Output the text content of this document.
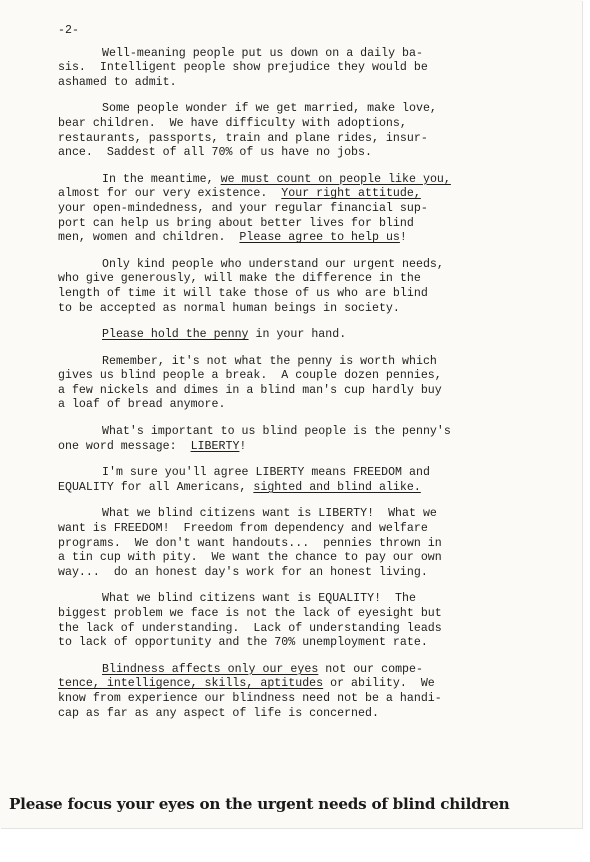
-2-
Well-meaning people put us down on a daily ba-
sis.  Intelligent people show prejudice they would be
ashamed to admit.
Some people wonder if we get married, make love,
bear children.  We have difficulty with adoptions,
restaurants, passports, train and plane rides, insur-
ance.  Saddest of all 70% of us have no jobs.
In the meantime, we must count on people like you,
almost for our very existence.  Your right attitude,
your open-mindedness, and your regular financial sup-
port can help us bring about better lives for blind
men, women and children.  Please agree to help us!
Only kind people who understand our urgent needs,
who give generously, will make the difference in the
length of time it will take those of us who are blind
to be accepted as normal human beings in society.
Please hold the penny in your hand.
Remember, it's not what the penny is worth which
gives us blind people a break.  A couple dozen pennies,
a few nickels and dimes in a blind man's cup hardly buy
a loaf of bread anymore.
What's important to us blind people is the penny's
one word message:  LIBERTY!
I'm sure you'll agree LIBERTY means FREEDOM and
EQUALITY for all Americans, sighted and blind alike.
What we blind citizens want is LIBERTY!  What we
want is FREEDOM!  Freedom from dependency and welfare
programs.  We don't want handouts...  pennies thrown in
a tin cup with pity.  We want the chance to pay our own
way...  do an honest day's work for an honest living.
What we blind citizens want is EQUALITY!  The
biggest problem we face is not the lack of eyesight but
the lack of understanding.  Lack of understanding leads
to lack of opportunity and the 70% unemployment rate.
Blindness affects only our eyes not our compe-
tence, intelligence, skills, aptitudes or ability.  We
know from experience our blindness need not be a handi-
cap as far as any aspect of life is concerned.
Please focus your eyes on the urgent needs of blind children
